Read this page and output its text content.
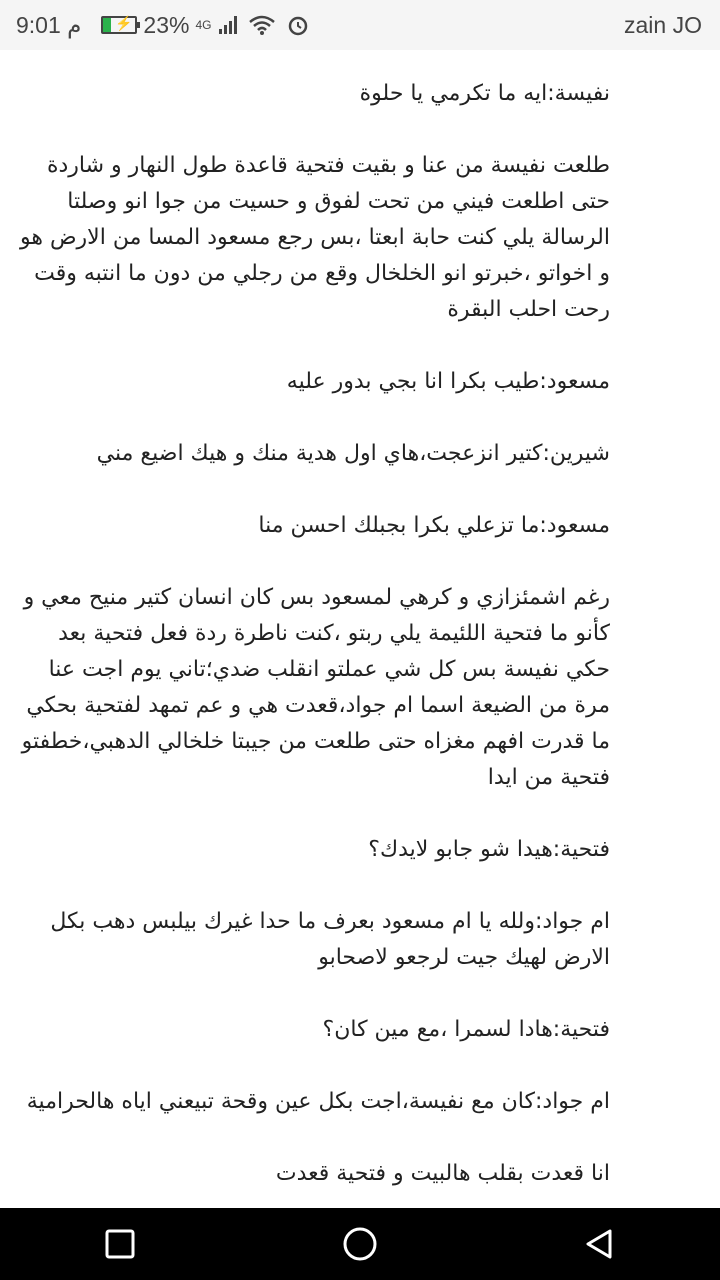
9:01 م ⚡ 23% 4G	zain JO

نفيسة:ايه ما تكرمي يا حلوة

طلعت نفيسة من عنا و بقيت فتحية قاعدة طول النهار و شاردة حتى اطلعت فيني من تحت لفوق و حسيت من جوا انو وصلتا الرسالة يلي كنت حابة ابعتا ،بس رجع مسعود المسا من الارض هو و اخواتو ،خبرتو انو الخلخال وقع من رجلي من دون ما انتبه وقت رحت احلب البقرة

مسعود:طيب بكرا انا بجي بدور عليه

شيرين:كتير انزعجت،هاي اول هدية منك و هيك اضيع مني

مسعود:ما تزعلي بكرا بجبلك احسن منا

رغم اشمئزازي و كرهي لمسعود بس كان انسان كتير منيح معي و كأنو ما فتحية اللئيمة يلي ربتو ،كنت ناطرة ردة فعل فتحية بعد حكي نفيسة بس كل شي عملتو انقلب ضدي؛تاني يوم اجت عنا مرة من الضيعة اسما ام جواد،قعدت هي و عم تمهد لفتحية بحكي ما قدرت افهم مغزاه حتى طلعت من جيبتا خلخالي الدهبي،خطفتو فتحية من ايدا

فتحية:هيدا شو جابو لايدك؟

ام جواد:ولله يا ام مسعود بعرف ما حدا غيرك بيلبس دهب بكل الارض لهيك جيت لرجعو لاصحابو

فتحية:هادا لسمرا ،مع مين كان؟

ام جواد:كان مع نفيسة،اجت بكل عين وقحة تبيعني اياه هالحرامية

انا قعدت بقلب هالبيت و فتحية قعدت
